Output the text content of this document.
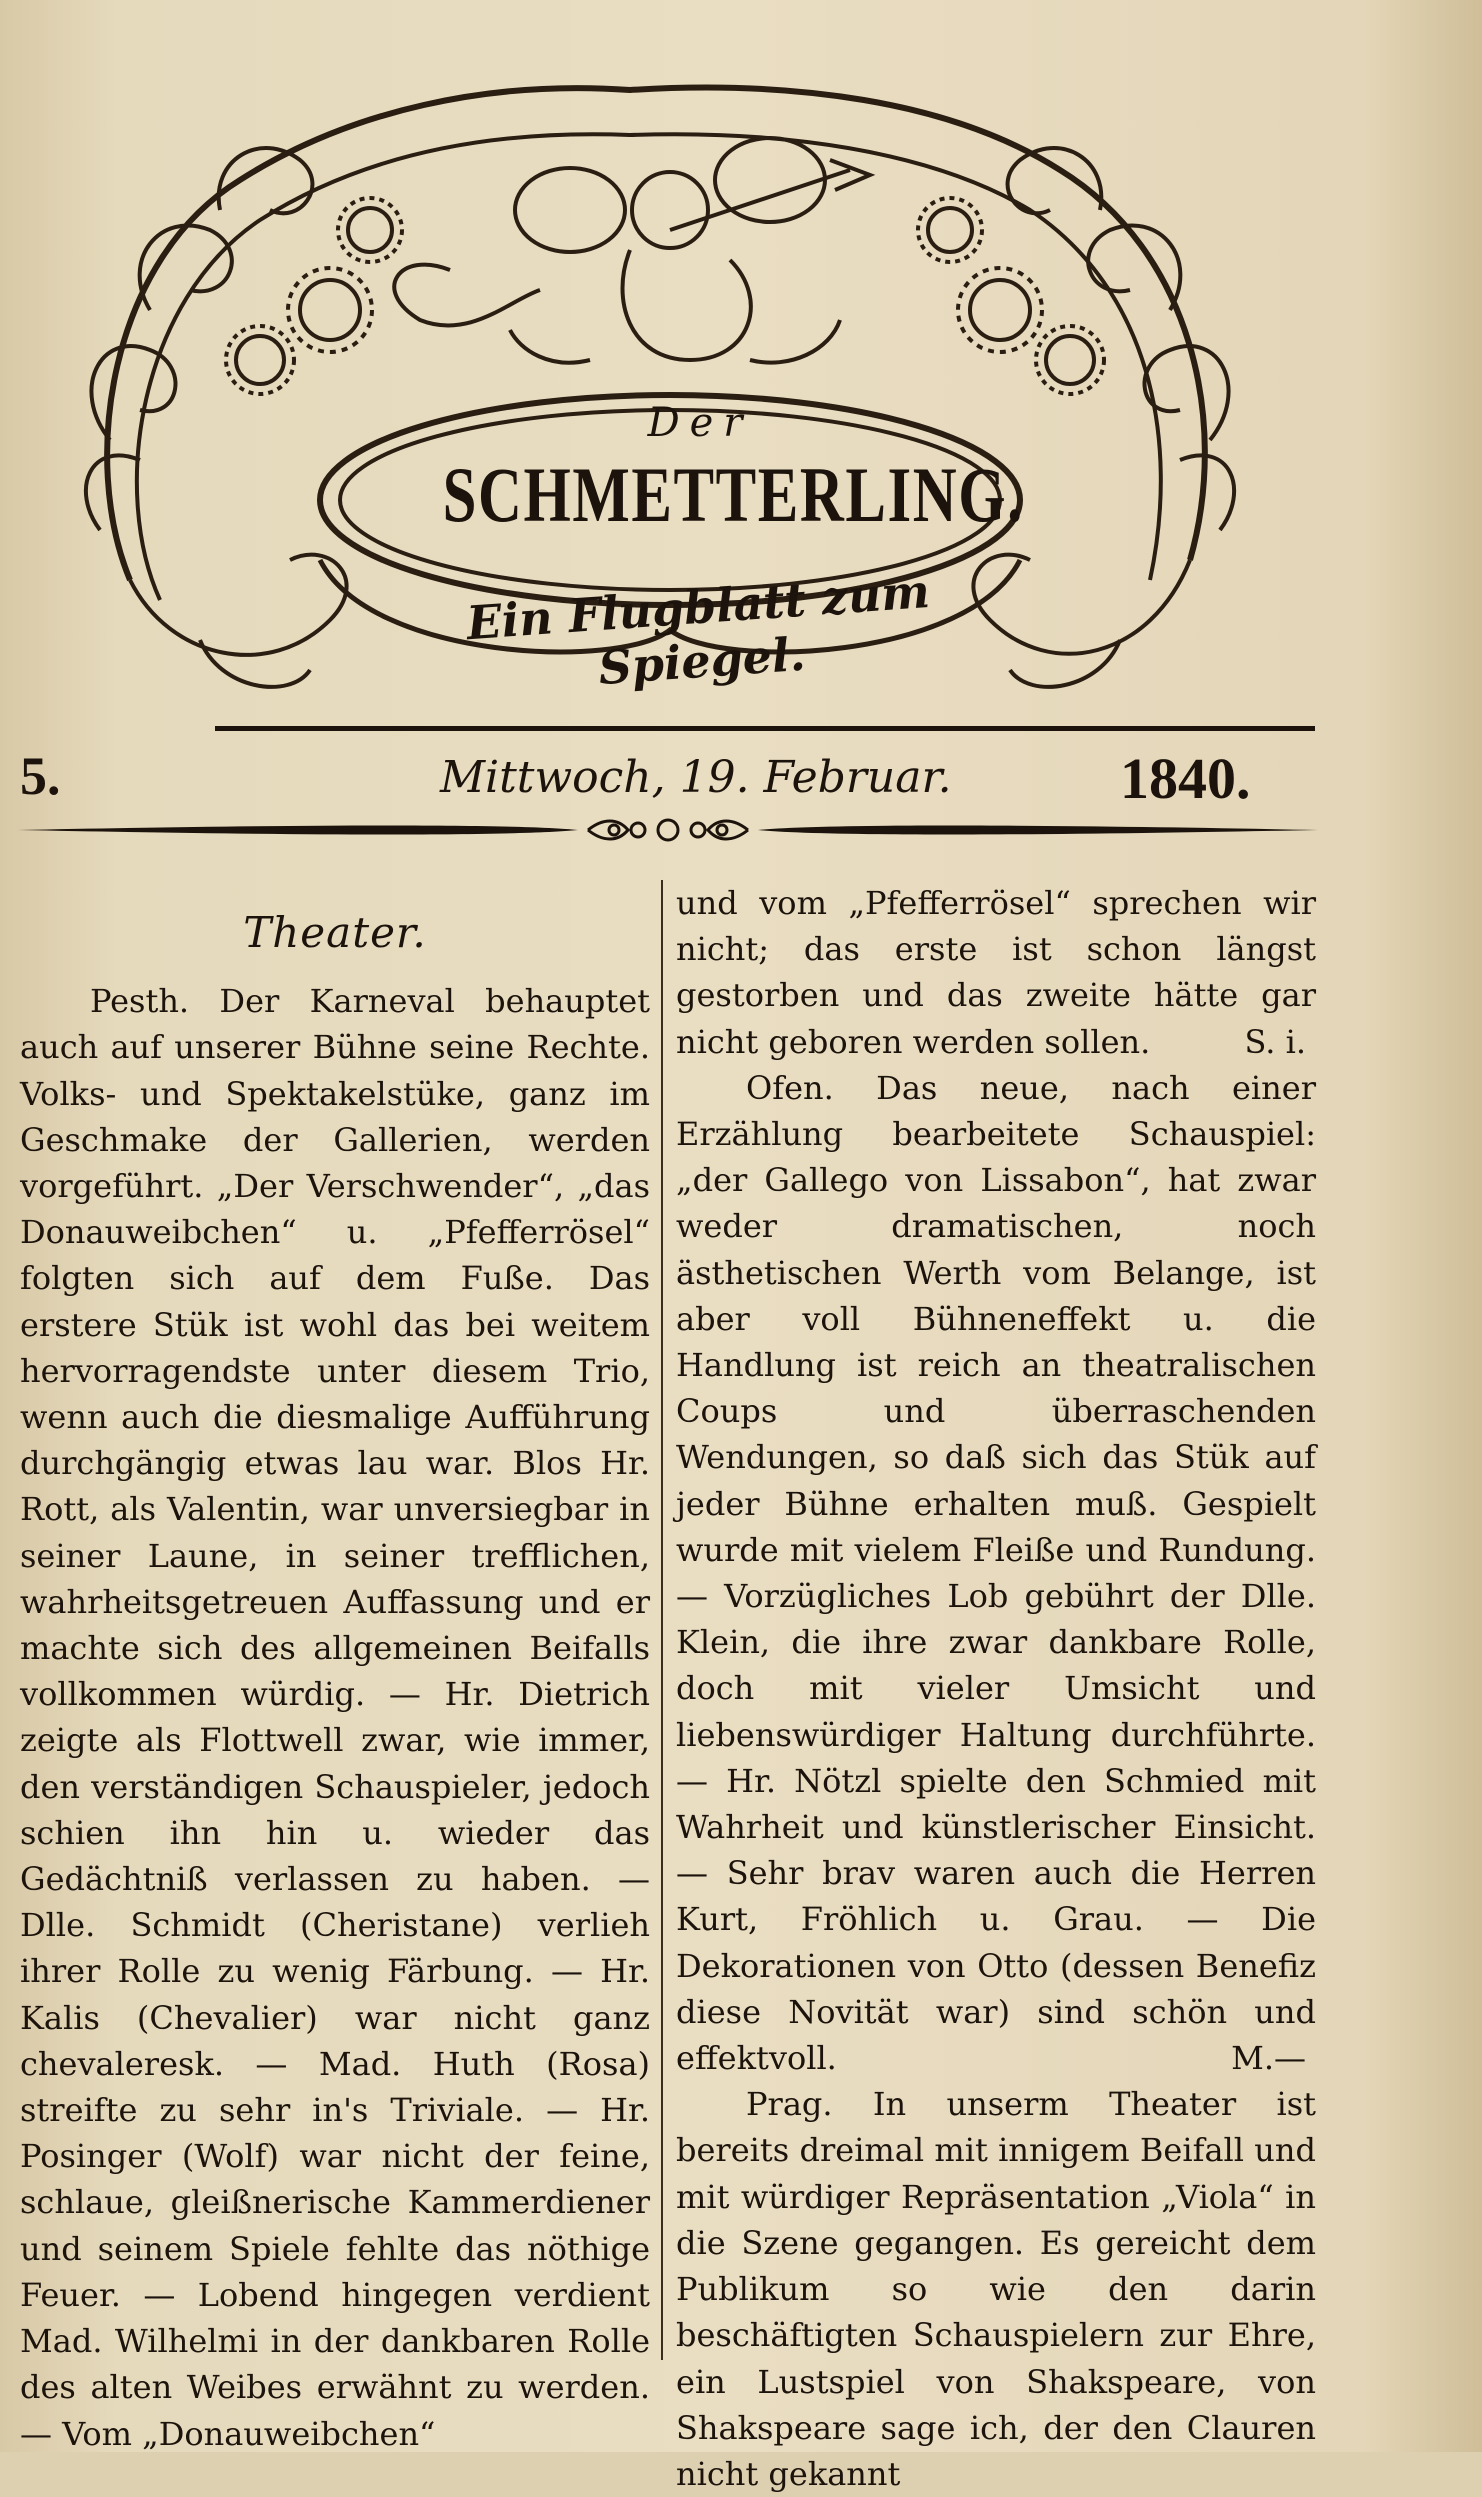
Der
SCHMETTERLING.
Ein Flugblatt zum Spiegel.
5.	Mittwoch, 19. Februar.	1840.
Theater.

Pesth. Der Karneval behauptet auch auf unserer Bühne seine Rechte. Volks- und Spektakelstüke, ganz im Geschmake der Gallerien, werden vorgeführt. „Der Verschwender“, „das Donauweibchen“ u. „Pfefferrösel“ folgten sich auf dem Fuße. Das erstere Stük ist wohl das bei weitem hervorragendste unter diesem Trio, wenn auch die diesmalige Aufführung durchgängig etwas lau war. Blos Hr. Rott, als Valentin, war unversiegbar in seiner Laune, in seiner trefflichen, wahrheitsgetreuen Auffassung und er machte sich des allgemeinen Beifalls vollkommen würdig. — Hr. Dietrich zeigte als Flottwell zwar, wie immer, den verständigen Schauspieler, jedoch schien ihn hin u. wieder das Gedächtniß verlassen zu haben. — Dlle. Schmidt (Cheristane) verlieh ihrer Rolle zu wenig Färbung. — Hr. Kalis (Chevalier) war nicht ganz chevaleresk. — Mad. Huth (Rosa) streifte zu sehr in's Triviale. — Hr. Posinger (Wolf) war nicht der feine, schlaue, gleißnerische Kammerdiener und seinem Spiele fehlte das nöthige Feuer. — Lobend hingegen verdient Mad. Wilhelmi in der dankbaren Rolle des alten Weibes erwähnt zu werden. — Vom „Donauweibchen“

und vom „Pfefferrösel“ sprechen wir nicht; das erste ist schon längst gestorben und das zweite hätte gar nicht geboren werden sollen.	S. i.

Ofen. Das neue, nach einer Erzählung bearbeitete Schauspiel: „der Gallego von Lissabon“, hat zwar weder dramatischen, noch ästhetischen Werth vom Belange, ist aber voll Bühneneffekt u. die Handlung ist reich an theatralischen Coups und überraschenden Wendungen, so daß sich das Stük auf jeder Bühne erhalten muß. Gespielt wurde mit vielem Fleiße und Rundung. — Vorzügliches Lob gebührt der Dlle. Klein, die ihre zwar dankbare Rolle, doch mit vieler Umsicht und liebenswürdiger Haltung durchführte. — Hr. Nötzl spielte den Schmied mit Wahrheit und künstlerischer Einsicht. — Sehr brav waren auch die Herren Kurt, Fröhlich u. Grau. — Die Dekorationen von Otto (dessen Benefiz diese Novität war) sind schön und effektvoll.	M.—

Prag. In unserm Theater ist bereits dreimal mit innigem Beifall und mit würdiger Repräsentation „Viola“ in die Szene gegangen. Es gereicht dem Publikum so wie den darin beschäftigten Schauspielern zur Ehre, ein Lustspiel von Shakspeare, von Shakspeare sage ich, der den Clauren nicht gekannt
